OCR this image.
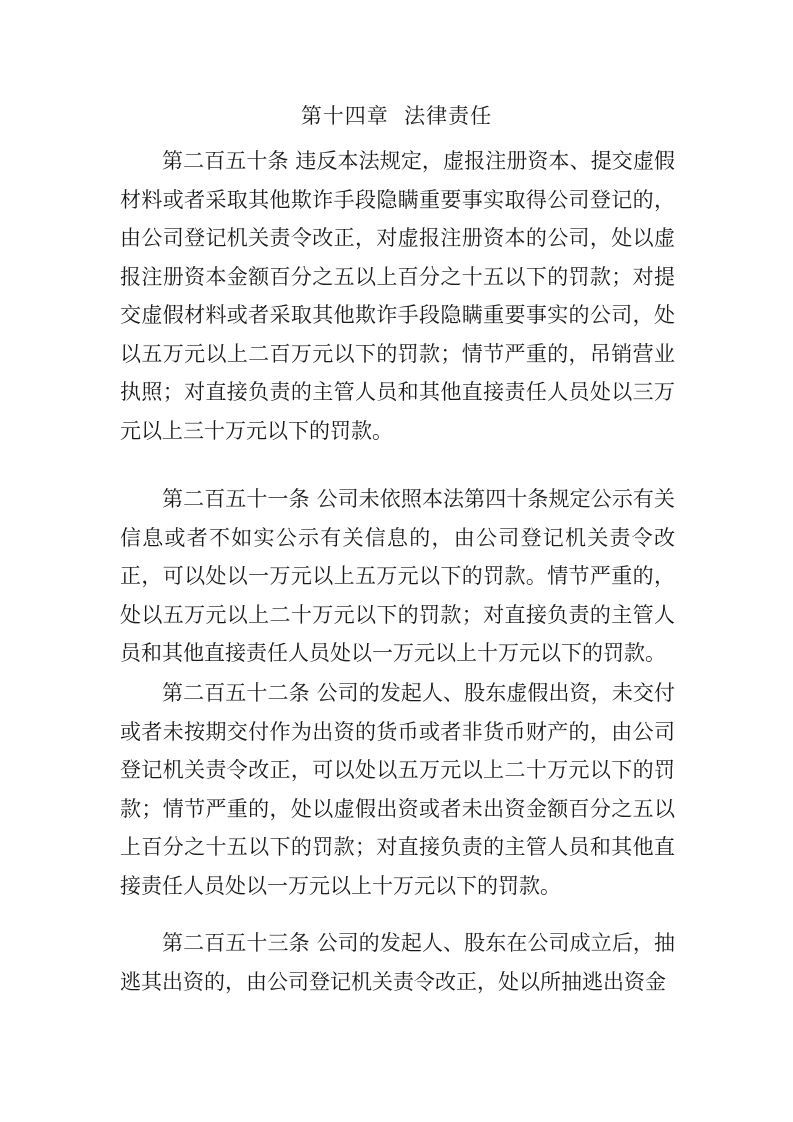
第十四章  法律责任

第二百五十条 违反本法规定，虚报注册资本、提交虚假材料或者采取其他欺诈手段隐瞒重要事实取得公司登记的，由公司登记机关责令改正，对虚报注册资本的公司，处以虚报注册资本金额百分之五以上百分之十五以下的罚款；对提交虚假材料或者采取其他欺诈手段隐瞒重要事实的公司，处以五万元以上二百万元以下的罚款；情节严重的，吊销营业执照；对直接负责的主管人员和其他直接责任人员处以三万元以上三十万元以下的罚款。

第二百五十一条 公司未依照本法第四十条规定公示有关信息或者不如实公示有关信息的，由公司登记机关责令改正，可以处以一万元以上五万元以下的罚款。情节严重的，处以五万元以上二十万元以下的罚款；对直接负责的主管人员和其他直接责任人员处以一万元以上十万元以下的罚款。

第二百五十二条 公司的发起人、股东虚假出资，未交付或者未按期交付作为出资的货币或者非货币财产的，由公司登记机关责令改正，可以处以五万元以上二十万元以下的罚款；情节严重的，处以虚假出资或者未出资金额百分之五以上百分之十五以下的罚款；对直接负责的主管人员和其他直接责任人员处以一万元以上十万元以下的罚款。

第二百五十三条 公司的发起人、股东在公司成立后，抽逃其出资的，由公司登记机关责令改正，处以所抽逃出资金
